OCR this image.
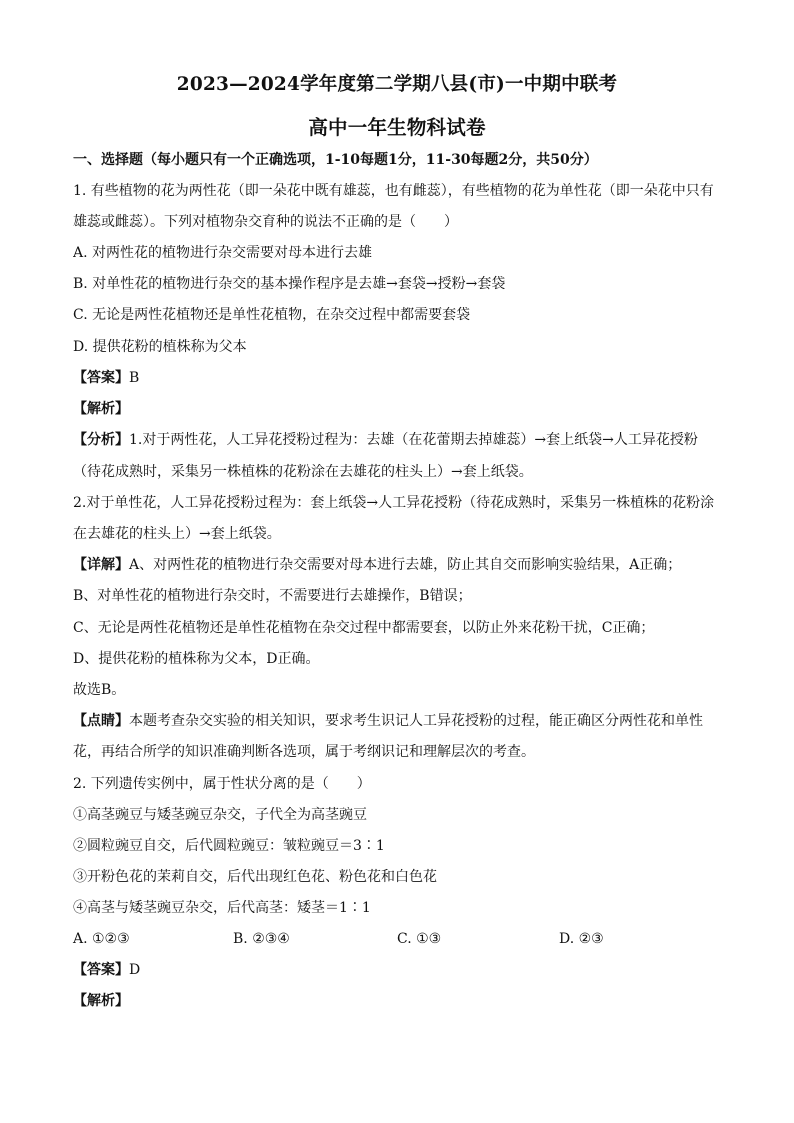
2023—2024学年度第二学期八县(市)一中期中联考
高中一年生物科试卷
一、选择题（每小题只有一个正确选项，1-10每题1分，11-30每题2分，共50分）
1. 有些植物的花为两性花（即一朵花中既有雄蕊，也有雌蕊），有些植物的花为单性花（即一朵花中只有
雄蕊或雌蕊）。下列对植物杂交育种的说法不正确的是（　　）
A. 对两性花的植物进行杂交需要对母本进行去雄
B. 对单性花的植物进行杂交的基本操作程序是去雄→套袋→授粉→套袋
C. 无论是两性花植物还是单性花植物，在杂交过程中都需要套袋
D. 提供花粉的植株称为父本
【答案】B
【解析】
【分析】1.对于两性花，人工异花授粉过程为：去雄（在花蕾期去掉雄蕊）→套上纸袋→人工异花授粉
（待花成熟时，采集另一株植株的花粉涂在去雄花的柱头上）→套上纸袋。
2.对于单性花，人工异花授粉过程为：套上纸袋→人工异花授粉（待花成熟时，采集另一株植株的花粉涂
在去雄花的柱头上）→套上纸袋。
【详解】A、对两性花的植物进行杂交需要对母本进行去雄，防止其自交而影响实验结果，A正确；
B、对单性花的植物进行杂交时，不需要进行去雄操作，B错误；
C、无论是两性花植物还是单性花植物在杂交过程中都需要套，以防止外来花粉干扰，C正确；
D、提供花粉的植株称为父本，D正确。
故选B。
【点睛】本题考查杂交实验的相关知识，要求考生识记人工异花授粉的过程，能正确区分两性花和单性
花，再结合所学的知识准确判断各选项，属于考纲识记和理解层次的考查。
2. 下列遗传实例中，属于性状分离的是（　　）
①高茎豌豆与矮茎豌豆杂交，子代全为高茎豌豆
②圆粒豌豆自交，后代圆粒豌豆：皱粒豌豆＝3∶1
③开粉色花的茉莉自交，后代出现红色花、粉色花和白色花
④高茎与矮茎豌豆杂交，后代高茎：矮茎＝1∶1
A. ①②③	B. ②③④	C. ①③	D. ②③
【答案】D
【解析】
